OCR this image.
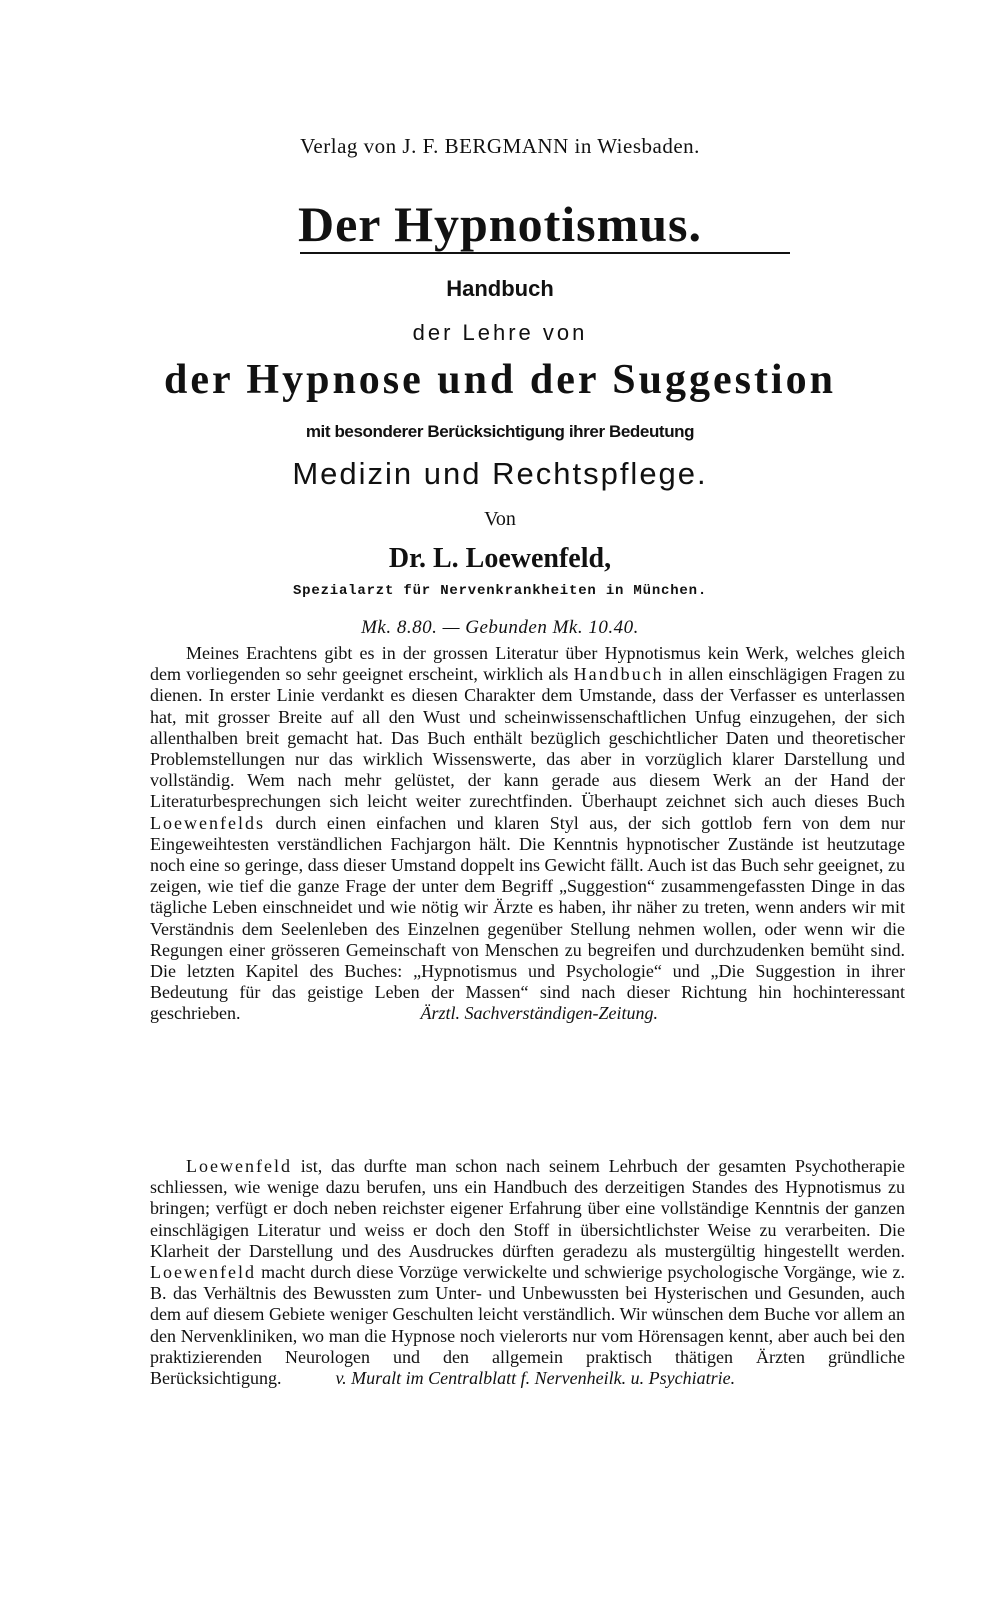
Verlag von J. F. BERGMANN in Wiesbaden.
Der Hypnotismus.
Handbuch
der Lehre von
der Hypnose und der Suggestion
mit besonderer Berücksichtigung ihrer Bedeutung
Medizin und Rechtspflege.
Von
Dr. L. Loewenfeld,
Spezialarzt für Nervenkrankheiten in München.
Mk. 8.80. — Gebunden Mk. 10.40.

  Meines Erachtens gibt es in der grossen Literatur über Hypnotismus kein Werk, welches gleich dem vorliegenden so sehr geeignet erscheint, wirklich als Handbuch in allen einschlägigen Fragen zu dienen. In erster Linie verdankt es diesen Charakter dem Umstande, dass der Verfasser es unterlassen hat, mit grosser Breite auf all den Wust und scheinwissenschaftlichen Unfug einzugehen, der sich allenthalben breit gemacht hat. Das Buch enthält bezüglich geschichtlicher Daten und theoretischer Problemstellungen nur das wirklich Wissenswerte, das aber in vorzüglich klarer Darstellung und vollständig. Wem nach mehr gelüstet, der kann gerade aus diesem Werk an der Hand der Literaturbesprechungen sich leicht weiter zurechtfinden. Überhaupt zeichnet sich auch dieses Buch Loewenfelds durch einen einfachen und klaren Styl aus, der sich gottlob fern von dem nur Eingeweihtesten verständlichen Fachjargon hält. Die Kenntnis hypnotischer Zustände ist heutzutage noch eine so geringe, dass dieser Umstand doppelt ins Gewicht fällt. Auch ist das Buch sehr geeignet, zu zeigen, wie tief die ganze Frage der unter dem Begriff „Suggestion“ zusammengefassten Dinge in das tägliche Leben einschneidet und wie nötig wir Ärzte es haben, ihr näher zu treten, wenn anders wir mit Verständnis dem Seelenleben des Einzelnen gegenüber Stellung nehmen wollen, oder wenn wir die Regungen einer grösseren Gemeinschaft von Menschen zu begreifen und durchzudenken bemüht sind. Die letzten Kapitel des Buches: „Hypnotismus und Psychologie“ und „Die Suggestion in ihrer Bedeutung für das geistige Leben der Massen“ sind nach dieser Richtung hin hochinteressant geschrieben.          	Ärztl. Sachverständigen-Zeitung.

  Loewenfeld ist, das durfte man schon nach seinem Lehrbuch der gesamten Psychotherapie schliessen, wie wenige dazu berufen, uns ein Handbuch des derzeitigen Standes des Hypnotismus zu bringen; verfügt er doch neben reichster eigener Erfahrung über eine vollständige Kenntnis der ganzen einschlägigen Literatur und weiss er doch den Stoff in übersichtlichster Weise zu verarbeiten. Die Klarheit der Darstellung und des Ausdruckes dürften geradezu als mustergültig hingestellt werden. Loewenfeld macht durch diese Vorzüge verwickelte und schwierige psychologische Vorgänge, wie z. B. das Verhältnis des Bewussten zum Unter- und Unbewussten bei Hysterischen und Gesunden, auch dem auf diesem Gebiete weniger Geschulten leicht verständlich. Wir wünschen dem Buche vor allem an den Nervenkliniken, wo man die Hypnose noch vielerorts nur vom Hörensagen kennt, aber auch bei den praktizierenden Neurologen und den allgemein praktisch thätigen Ärzten gründliche Berücksichtigung.   	v. Muralt im Centralblatt f. Nervenheilk. u. Psychiatrie.
